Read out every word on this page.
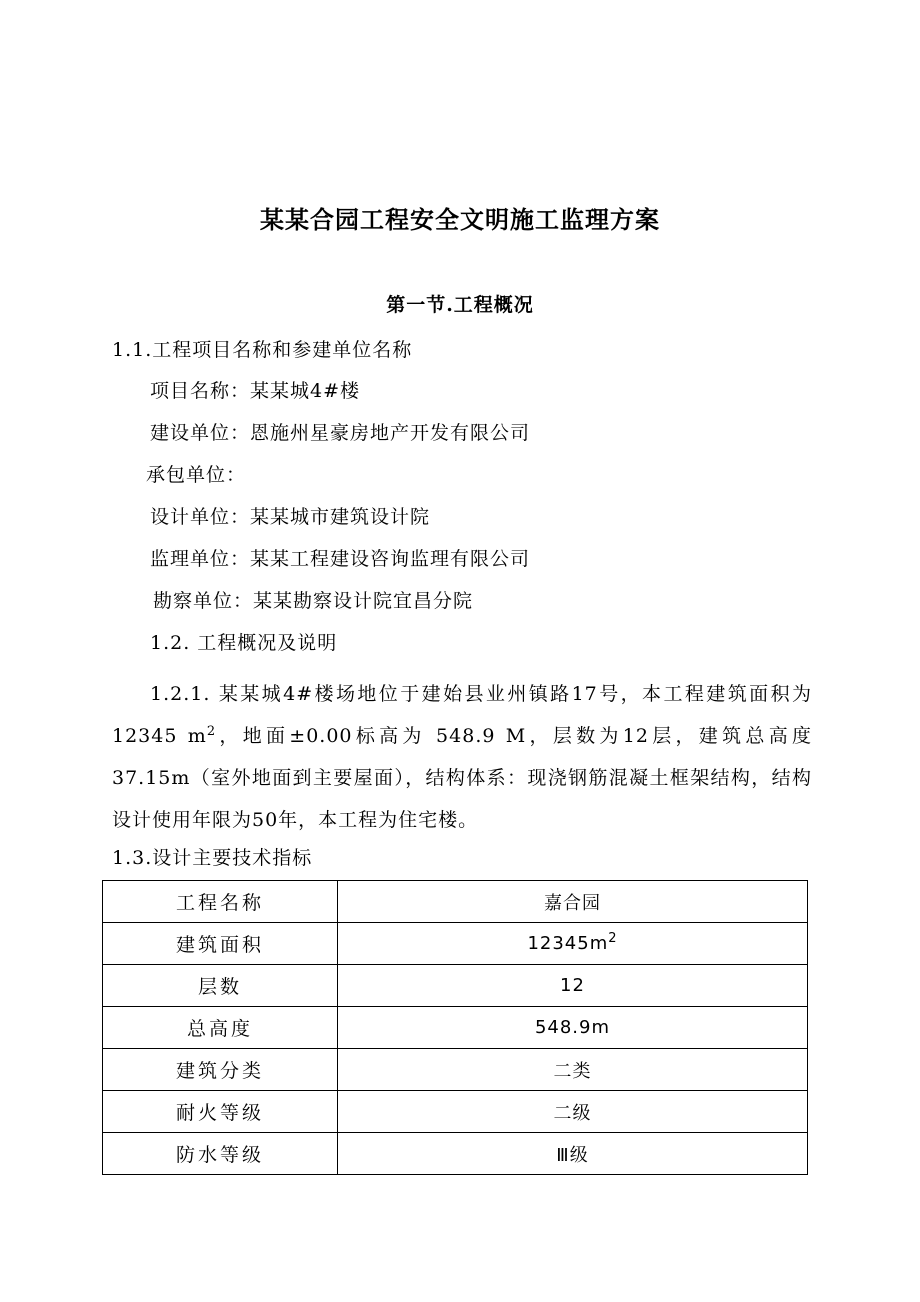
某某合园工程安全文明施工监理方案
第一节.工程概况
1.1.工程项目名称和参建单位名称
项目名称：某某城4#楼
建设单位：恩施州星豪房地产开发有限公司
承包单位：
设计单位：某某城市建筑设计院
监理单位：某某工程建设咨询监理有限公司
勘察单位：某某勘察设计院宜昌分院
1.2. 工程概况及说明
1.2.1. 某某城4#楼场地位于建始县业州镇路17号，本工程建筑面积为12345 $m^2$，地面±0.00标高为 548.9 M，层数为12层，建筑总高度37.15m（室外地面到主要屋面），结构体系：现浇钢筋混凝土框架结构，结构设计使用年限为50年，本工程为住宅楼。
1.3.设计主要技术指标
工程名称	嘉合园
建筑面积	$12345m^2$
层数	12
总高度	548.9m
建筑分类	二类
耐火等级	二级
防水等级	Ⅲ级
